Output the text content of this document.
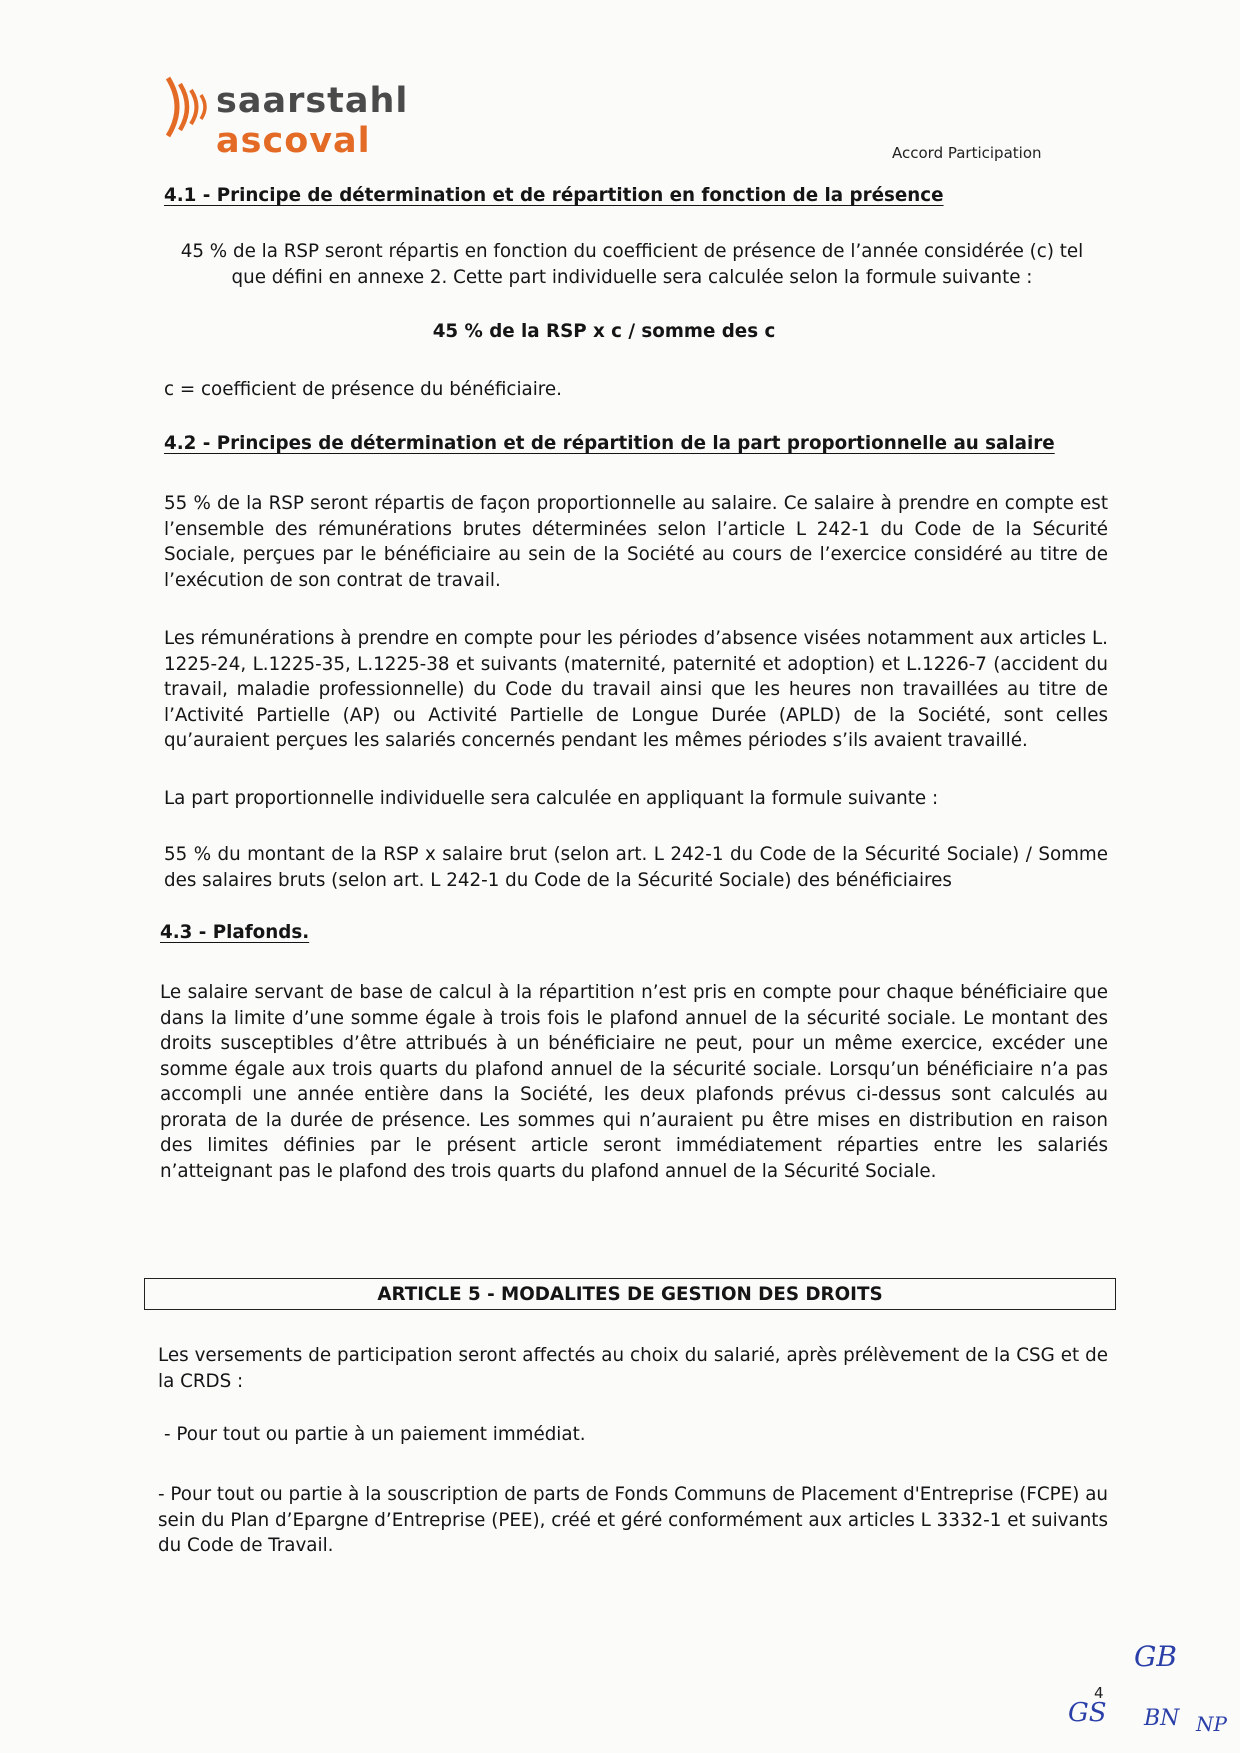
saarstahl
ascoval	Accord Participation
4.1 - Principe de détermination et de répartition en fonction de la présence
45 % de la RSP seront répartis en fonction du coefficient de présence de l’année considérée (c) tel que défini en annexe 2. Cette part individuelle sera calculée selon la formule suivante :
45 % de la RSP x c / somme des c
c = coefficient de présence du bénéficiaire.
4.2 - Principes de détermination et de répartition de la part proportionnelle au salaire
55 % de la RSP seront répartis de façon proportionnelle au salaire. Ce salaire à prendre en compte est l’ensemble des rémunérations brutes déterminées selon l’article L 242-1 du Code de la Sécurité Sociale, perçues par le bénéficiaire au sein de la Société au cours de l’exercice considéré au titre de l’exécution de son contrat de travail.
Les rémunérations à prendre en compte pour les périodes d’absence visées notamment aux articles L. 1225-24, L.1225-35, L.1225-38 et suivants (maternité, paternité et adoption) et L.1226-7 (accident du travail, maladie professionnelle) du Code du travail ainsi que les heures non travaillées au titre de l’Activité Partielle (AP) ou Activité Partielle de Longue Durée (APLD) de la Société, sont celles qu’auraient perçues les salariés concernés pendant les mêmes périodes s’ils avaient travaillé.
La part proportionnelle individuelle sera calculée en appliquant la formule suivante :
55 % du montant de la RSP x salaire brut (selon art. L 242-1 du Code de la Sécurité Sociale) / Somme des salaires bruts (selon art. L 242-1 du Code de la Sécurité Sociale) des bénéficiaires
4.3 - Plafonds.
Le salaire servant de base de calcul à la répartition n’est pris en compte pour chaque bénéficiaire que dans la limite d’une somme égale à trois fois le plafond annuel de la sécurité sociale. Le montant des droits susceptibles d’être attribués à un bénéficiaire ne peut, pour un même exercice, excéder une somme égale aux trois quarts du plafond annuel de la sécurité sociale. Lorsqu’un bénéficiaire n’a pas accompli une année entière dans la Société, les deux plafonds prévus ci-dessus sont calculés au prorata de la durée de présence. Les sommes qui n’auraient pu être mises en distribution en raison des limites définies par le présent article seront immédiatement réparties entre les salariés n’atteignant pas le plafond des trois quarts du plafond annuel de la Sécurité Sociale.
ARTICLE 5 - MODALITES DE GESTION DES DROITS
Les versements de participation seront affectés au choix du salarié, après prélèvement de la CSG et de la CRDS :
- Pour tout ou partie à un paiement immédiat.
- Pour tout ou partie à la souscription de parts de Fonds Communs de Placement d'Entreprise (FCPE) au sein du Plan d’Epargne d’Entreprise (PEE), créé et géré conformément aux articles L 3332-1 et suivants du Code de Travail.
4
GB
GS BN NP
